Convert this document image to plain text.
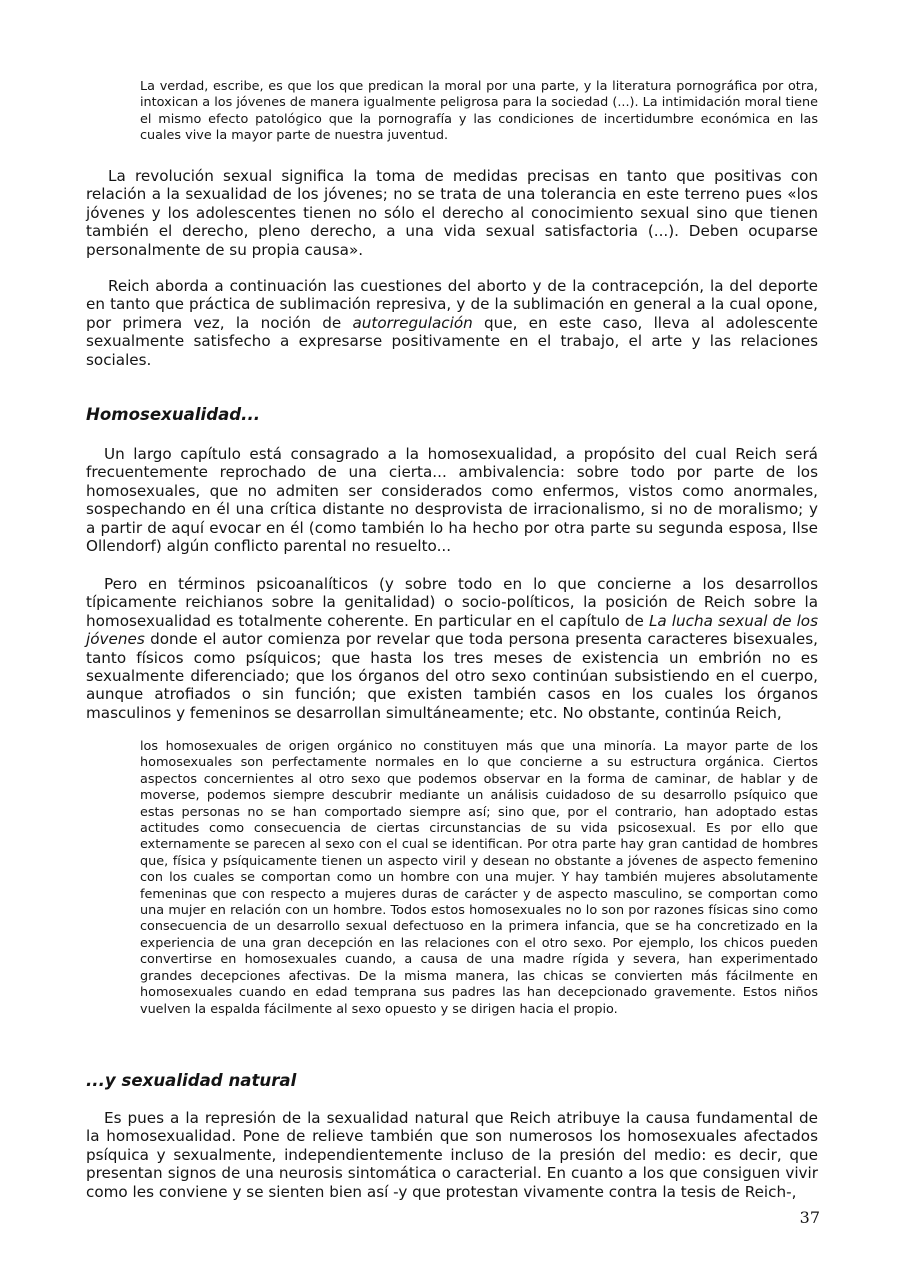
La verdad, escribe, es que los que predican la moral por una parte, y la literatura pornográfica por otra, intoxican a los jóvenes de manera igualmente peligrosa para la sociedad (...). La intimidación moral tiene el mismo efecto patológico que la pornografía y las condiciones de incertidumbre económica en las cuales vive la mayor parte de nuestra juventud.

La revolución sexual significa la toma de medidas precisas en tanto que positivas con relación a la sexualidad de los jóvenes; no se trata de una tolerancia en este terreno pues «los jóvenes y los adolescentes tienen no sólo el derecho al conocimiento sexual sino que tienen también el derecho, pleno derecho, a una vida sexual satisfactoria (...). Deben ocuparse personalmente de su propia causa».

Reich aborda a continuación las cuestiones del aborto y de la contracepción, la del deporte en tanto que práctica de sublimación represiva, y de la sublimación en general a la cual opone, por primera vez, la noción de autorregulación que, en este caso, lleva al adolescente sexualmente satisfecho a expresarse positivamente en el trabajo, el arte y las relaciones sociales.

Homosexualidad...

Un largo capítulo está consagrado a la homosexualidad, a propósito del cual Reich será frecuentemente reprochado de una cierta... ambivalencia: sobre todo por parte de los homosexuales, que no admiten ser considerados como enfermos, vistos como anormales, sospechando en él una crítica distante no desprovista de irracionalismo, si no de moralismo; y a partir de aquí evocar en él (como también lo ha hecho por otra parte su segunda esposa, Ilse Ollendorf) algún conflicto parental no resuelto...

Pero en términos psicoanalíticos (y sobre todo en lo que concierne a los desarrollos típicamente reichianos sobre la genitalidad) o socio-políticos, la posición de Reich sobre la homosexualidad es totalmente coherente. En particular en el capítulo de La lucha sexual de los jóvenes donde el autor comienza por revelar que toda persona presenta caracteres bisexuales, tanto físicos como psíquicos; que hasta los tres meses de existencia un embrión no es sexualmente diferenciado; que los órganos del otro sexo continúan subsistiendo en el cuerpo, aunque atrofiados o sin función; que existen también casos en los cuales los órganos masculinos y femeninos se desarrollan simultáneamente; etc. No obstante, continúa Reich,

los homosexuales de origen orgánico no constituyen más que una minoría. La mayor parte de los homosexuales son perfectamente normales en lo que concierne a su estructura orgánica. Ciertos aspectos concernientes al otro sexo que podemos observar en la forma de caminar, de hablar y de moverse, podemos siempre descubrir mediante un análisis cuidadoso de su desarrollo psíquico que estas personas no se han comportado siempre así; sino que, por el contrario, han adoptado estas actitudes como consecuencia de ciertas circunstancias de su vida psicosexual. Es por ello que externamente se parecen al sexo con el cual se identifican. Por otra parte hay gran cantidad de hombres que, física y psíquicamente tienen un aspecto viril y desean no obstante a jóvenes de aspecto femenino con los cuales se comportan como un hombre con una mujer. Y hay también mujeres absolutamente femeninas que con respecto a mujeres duras de carácter y de aspecto masculino, se comportan como una mujer en relación con un hombre. Todos estos homosexuales no lo son por razones físicas sino como consecuencia de un desarrollo sexual defectuoso en la primera infancia, que se ha concretizado en la experiencia de una gran decepción en las relaciones con el otro sexo. Por ejemplo, los chicos pueden convertirse en homosexuales cuando, a causa de una madre rígida y severa, han experimentado grandes decepciones afectivas. De la misma manera, las chicas se convierten más fácilmente en homosexuales cuando en edad temprana sus padres las han decepcionado gravemente. Estos niños vuelven la espalda fácilmente al sexo opuesto y se dirigen hacia el propio.

...y sexualidad natural

Es pues a la represión de la sexualidad natural que Reich atribuye la causa fundamental de la homosexualidad. Pone de relieve también que son numerosos los homosexuales afectados psíquica y sexualmente, independientemente incluso de la presión del medio: es decir, que presentan signos de una neurosis sintomática o caracterial. En cuanto a los que consiguen vivir como les conviene y se sienten bien así -y que protestan vivamente contra la tesis de Reich-,

37
